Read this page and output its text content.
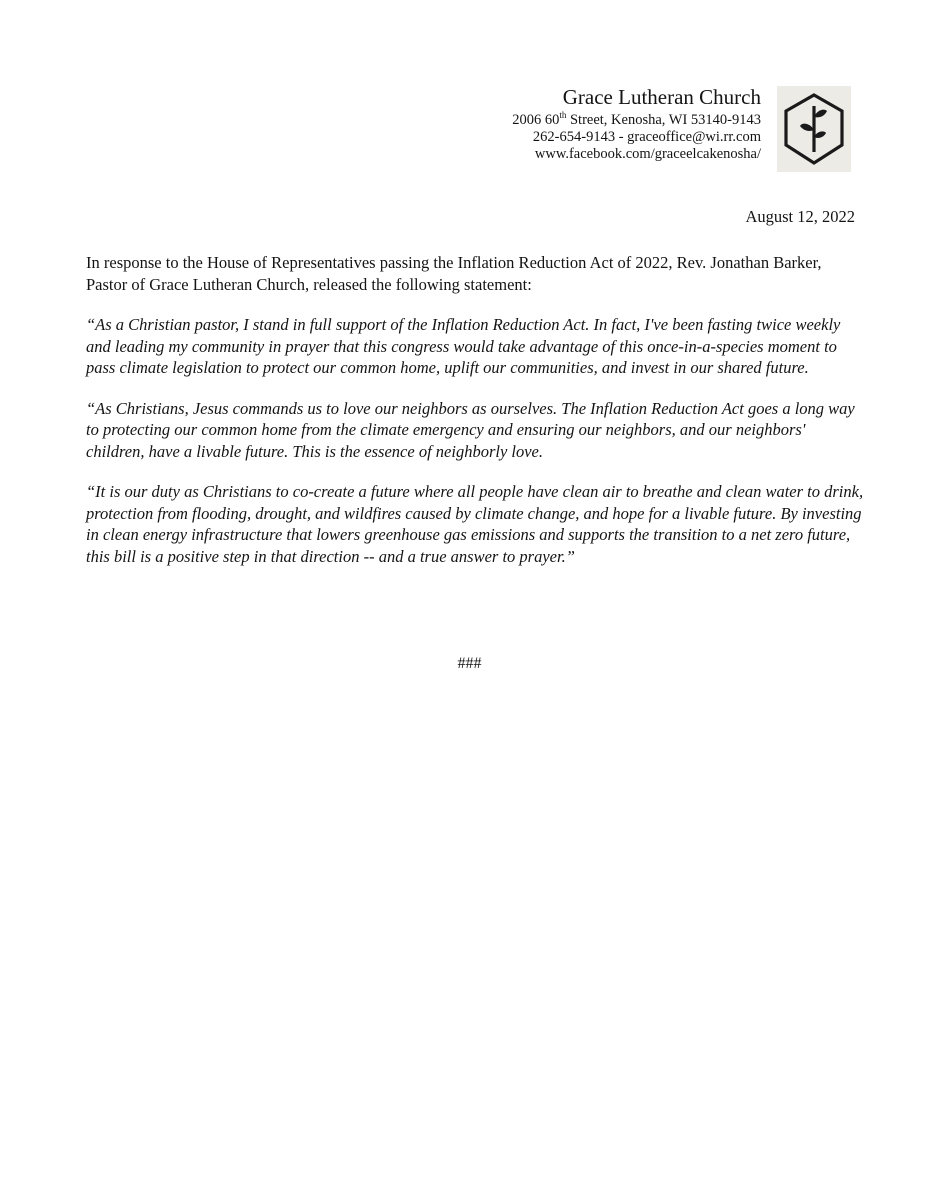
Grace Lutheran Church
2006 60th Street, Kenosha, WI 53140-9143
262-654-9143 - graceoffice@wi.rr.com
www.facebook.com/graceelcakenosha/
August 12, 2022

In response to the House of Representatives passing the Inflation Reduction Act of 2022, Rev. Jonathan Barker, Pastor of Grace Lutheran Church, released the following statement:

“As a Christian pastor, I stand in full support of the Inflation Reduction Act. In fact, I've been fasting twice weekly and leading my community in prayer that this congress would take advantage of this once-in-a-species moment to pass climate legislation to protect our common home, uplift our communities, and invest in our shared future.

“As Christians, Jesus commands us to love our neighbors as ourselves. The Inflation Reduction Act goes a long way to protecting our common home from the climate emergency and ensuring our neighbors, and our neighbors' children, have a livable future. This is the essence of neighborly love.

“It is our duty as Christians to co-create a future where all people have clean air to breathe and clean water to drink, protection from flooding, drought, and wildfires caused by climate change, and hope for a livable future. By investing in clean energy infrastructure that lowers greenhouse gas emissions and supports the transition to a net zero future, this bill is a positive step in that direction -- and a true answer to prayer.”

###
